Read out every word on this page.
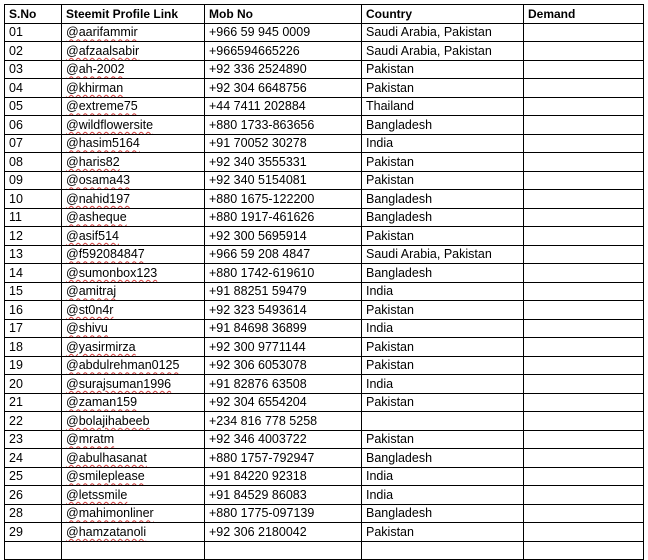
S.No	Steemit Profile Link	Mob No	Country	Demand
01	@aarifammir	+966 59 945 0009	Saudi Arabia, Pakistan	
02	@afzaalsabir	+966594665226	Saudi Arabia, Pakistan	
03	@ah-2002	+92 336 2524890	Pakistan	
04	@khirman	+92 304 6648756	Pakistan	
05	@extreme75	+44 7411 202884	Thailand	
06	@wildflowersite	+880 1733-863656	Bangladesh	
07	@hasim5164	+91 70052 30278	India	
08	@haris82	+92 340 3555331	Pakistan	
09	@osama43	+92 340 5154081	Pakistan	
10	@nahid197	+880 1675-122200	Bangladesh	
11	@asheque	+880 1917-461626	Bangladesh	
12	@asif514	+92 300 5695914	Pakistan	
13	@f592084847	+966 59 208 4847	Saudi Arabia, Pakistan	
14	@sumonbox123	+880 1742-619610	Bangladesh	
15	@amitraj	+91 88251 59479	India	
16	@st0n4r	+92 323 5493614	Pakistan	
17	@shivu	+91 84698 36899	India	
18	@yasirmirza	+92 300 9771144	Pakistan	
19	@abdulrehman0125	+92 306 6053078	Pakistan	
20	@surajsuman1996	+91 82876 63508	India	
21	@zaman159	+92 304 6554204	Pakistan	
22	@bolajihabeeb	+234 816 778 5258		
23	@mratm	+92 346 4003722	Pakistan	
24	@abulhasanat	+880 1757-792947	Bangladesh	
25	@smileplease	+91 84220 92318	India	
26	@letssmile	+91 84529 86083	India	
28	@mahimonliner	+880 1775-097139	Bangladesh	
29	@hamzatanoli	+92 306 2180042	Pakistan	
